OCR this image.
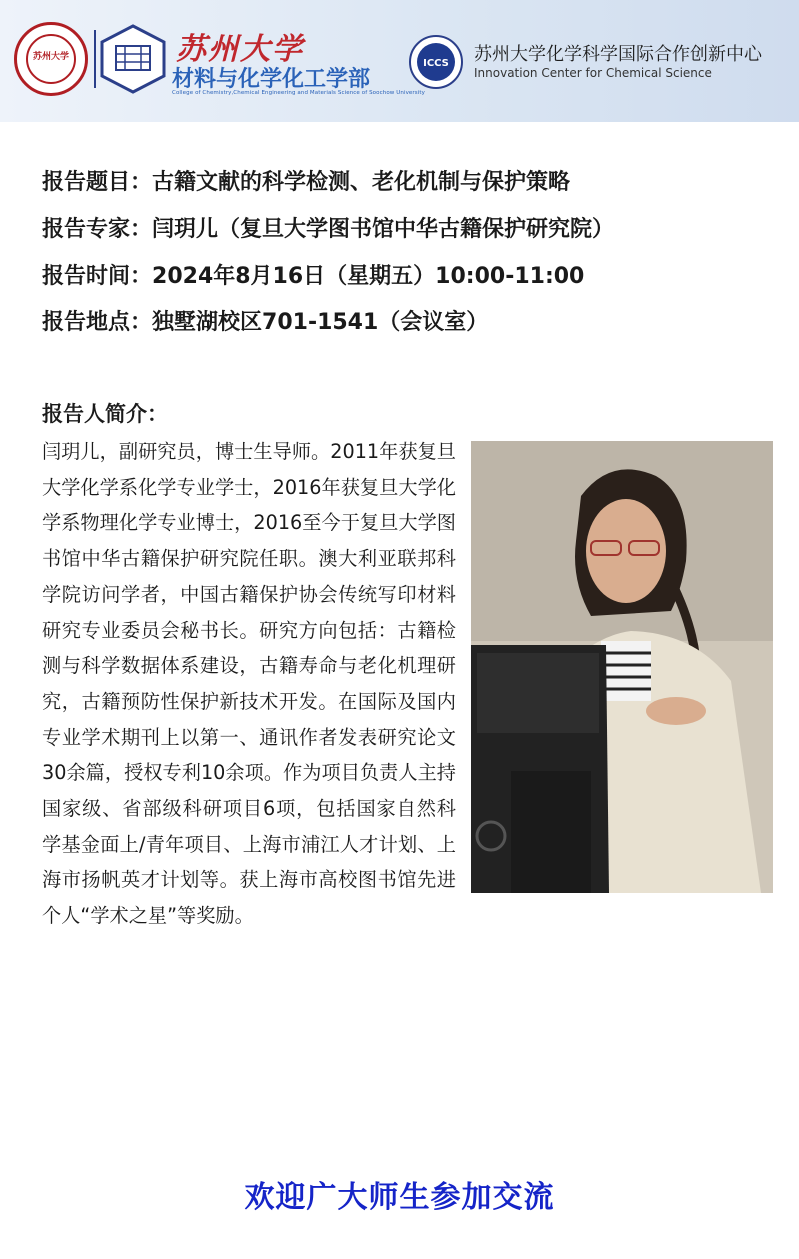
苏州大学	苏州大学
材料与化学化工学部
College of Chemistry,Chemical Engineering and Materials Science of Soochow University
ICCS 苏州大学化学科学国际合作创新中心
Innovation Center for Chemical Science
报告题目：古籍文献的科学检测、老化机制与保护策略
报告专家：闫玥儿（复旦大学图书馆中华古籍保护研究院）
报告时间：2024年8月16日（星期五）10:00-11:00
报告地点：独墅湖校区701-1541（会议室）
报告人简介：
闫玥儿，副研究员，博士生导师。2011年获复旦大学化学系化学专业学士，2016年获复旦大学化学系物理化学专业博士，2016至今于复旦大学图书馆中华古籍保护研究院任职。澳大利亚联邦科学院访问学者，中国古籍保护协会传统写印材料研究专业委员会秘书长。研究方向包括：古籍检测与科学数据体系建设，古籍寿命与老化机理研究，古籍预防性保护新技术开发。在国际及国内专业学术期刊上以第一、通讯作者发表研究论文30余篇，授权专利10余项。作为项目负责人主持国家级、省部级科研项目6项，包括国家自然科学基金面上/青年项目、上海市浦江人才计划、上海市扬帆英才计划等。获上海市高校图书馆先进个人“学术之星”等奖励。
欢迎广大师生参加交流
